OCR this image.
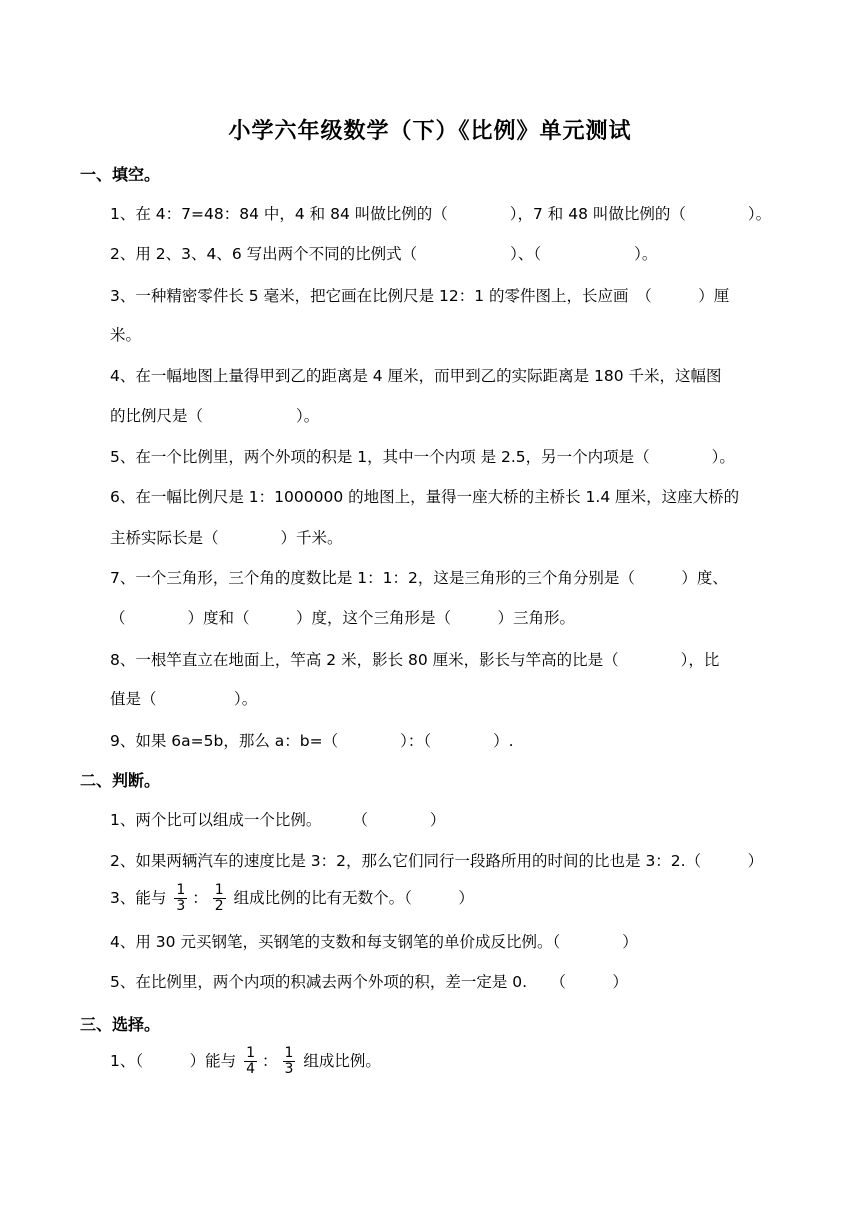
小学六年级数学（下）《比例》单元测试
一、填空。
1、在 4：7=48：84 中，4 和 84 叫做比例的（　　　　），7 和 48 叫做比例的（　　　　）。
2、用 2、3、4、6 写出两个不同的比例式（　　　　　　）、（　　　　　　）。
3、一种精密零件长 5 毫米，把它画在比例尺是 12：1 的零件图上，长应画　（　　　）厘
米。
4、在一幅地图上量得甲到乙的距离是 4 厘米，而甲到乙的实际距离是 180 千米，这幅图
的比例尺是（　　　　　　）。
5、在一个比例里，两个外项的积是 1，其中一个内项 是 2.5，另一个内项是（　　　　）。
6、在一幅比例尺是 1：1000000 的地图上，量得一座大桥的主桥长 1.4 厘米，这座大桥的
主桥实际长是（　　　　）千米。
7、一个三角形，三个角的度数比是 1：1：2，这是三角形的三个角分别是（　　　）度、
（　　　　）度和（　　　）度，这个三角形是（　　　）三角形。
8、一根竿直立在地面上，竿高 2 米，影长 80 厘米，影长与竿高的比是（　　　　），比
值是（　　　　　）。
9、如果 6a=5b，那么 a：b=（　　　　）：（　　　　）.
二、判断。
1、两个比可以组成一个比例。　　　（　　　　）
2、如果两辆汽车的速度比是 3：2，那么它们同行一段路所用的时间的比也是 3：2.（　　　）
3、能与 $\frac{1}{3}$ ： $\frac{1}{2}$ 组成比例的比有无数个。（　　　）
4、用 30 元买钢笔，买钢笔的支数和每支钢笔的单价成反比例。（　　　　）
5、在比例里，两个内项的积减去两个外项的积，差一定是 0.　　（　　　）
三、选择。
1、（　　　）能与 $\frac{1}{4}$ ： $\frac{1}{3}$ 组成比例。
